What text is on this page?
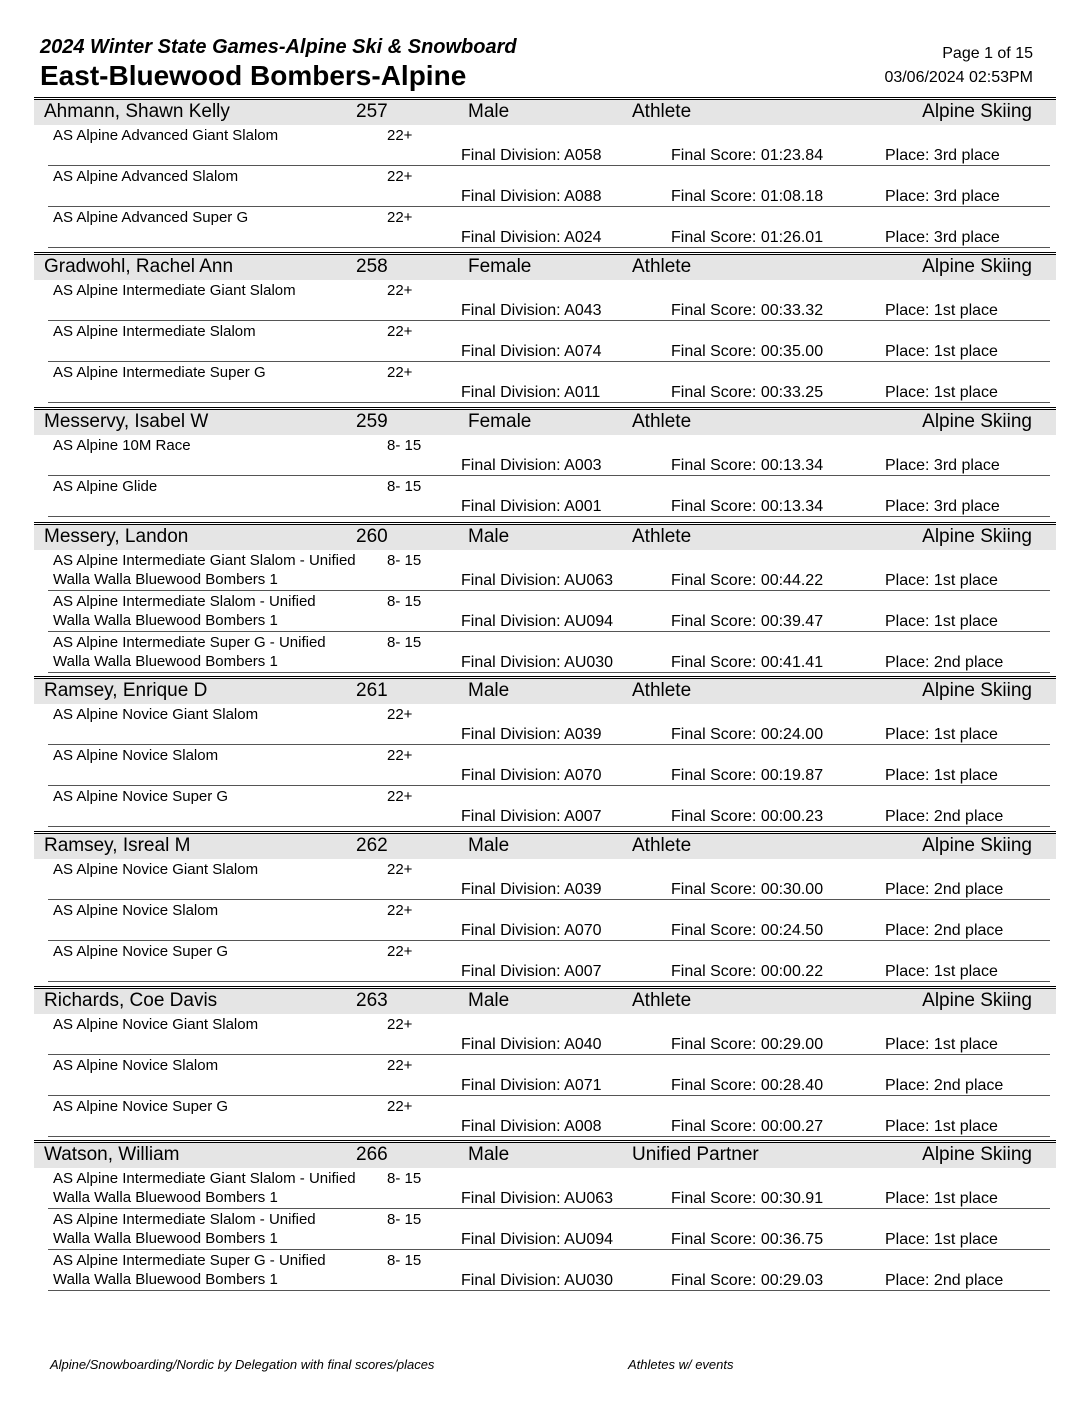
2024 Winter State Games-Alpine Ski & Snowboard
East-Bluewood Bombers-Alpine
Page 1 of 15
03/06/2024 02:53PM
Ahmann, Shawn Kelly	257	Male	Athlete	Alpine Skiing
AS Alpine Advanced Giant Slalom	22+
Final Division: A058	Final Score: 01:23.84	Place: 3rd place
AS Alpine Advanced Slalom	22+
Final Division: A088	Final Score: 01:08.18	Place: 3rd place
AS Alpine Advanced Super G	22+
Final Division: A024	Final Score: 01:26.01	Place: 3rd place
Gradwohl, Rachel Ann	258	Female	Athlete	Alpine Skiing
AS Alpine Intermediate Giant Slalom	22+
Final Division: A043	Final Score: 00:33.32	Place: 1st place
AS Alpine Intermediate Slalom	22+
Final Division: A074	Final Score: 00:35.00	Place: 1st place
AS Alpine Intermediate Super G	22+
Final Division: A011	Final Score: 00:33.25	Place: 1st place
Messervy, Isabel W	259	Female	Athlete	Alpine Skiing
AS Alpine 10M Race	8- 15
Final Division: A003	Final Score: 00:13.34	Place: 3rd place
AS Alpine Glide	8- 15
Final Division: A001	Final Score: 00:13.34	Place: 3rd place
Messery, Landon	260	Male	Athlete	Alpine Skiing
AS Alpine Intermediate Giant Slalom - Unified 8- 15
Final Division: AU063	Final Score: 00:44.22	Place: 1st place
Walla Walla Bluewood Bombers 1
AS Alpine Intermediate Slalom - Unified	8- 15
Final Division: AU094	Final Score: 00:39.47	Place: 1st place
Walla Walla Bluewood Bombers 1
AS Alpine Intermediate Super G - Unified	8- 15
Final Division: AU030	Final Score: 00:41.41	Place: 2nd place
Walla Walla Bluewood Bombers 1
Ramsey, Enrique D	261	Male	Athlete	Alpine Skiing
AS Alpine Novice Giant Slalom	22+
Final Division: A039	Final Score: 00:24.00	Place: 1st place
AS Alpine Novice Slalom	22+
Final Division: A070	Final Score: 00:19.87	Place: 1st place
AS Alpine Novice Super G	22+
Final Division: A007	Final Score: 00:00.23	Place: 2nd place
Ramsey, Isreal M	262	Male	Athlete	Alpine Skiing
AS Alpine Novice Giant Slalom	22+
Final Division: A039	Final Score: 00:30.00	Place: 2nd place
AS Alpine Novice Slalom	22+
Final Division: A070	Final Score: 00:24.50	Place: 2nd place
AS Alpine Novice Super G	22+
Final Division: A007	Final Score: 00:00.22	Place: 1st place
Richards, Coe Davis	263	Male	Athlete	Alpine Skiing
AS Alpine Novice Giant Slalom	22+
Final Division: A040	Final Score: 00:29.00	Place: 1st place
AS Alpine Novice Slalom	22+
Final Division: A071	Final Score: 00:28.40	Place: 2nd place
AS Alpine Novice Super G	22+
Final Division: A008	Final Score: 00:00.27	Place: 1st place
Watson, William	266	Male	Unified Partner	Alpine Skiing
AS Alpine Intermediate Giant Slalom - Unified 8- 15
Final Division: AU063	Final Score: 00:30.91	Place: 1st place
Walla Walla Bluewood Bombers 1
AS Alpine Intermediate Slalom - Unified	8- 15
Final Division: AU094	Final Score: 00:36.75	Place: 1st place
Walla Walla Bluewood Bombers 1
AS Alpine Intermediate Super G - Unified	8- 15
Final Division: AU030	Final Score: 00:29.03	Place: 2nd place
Walla Walla Bluewood Bombers 1
Alpine/Snowboarding/Nordic by Delegation with final scores/places	Athletes w/ events
